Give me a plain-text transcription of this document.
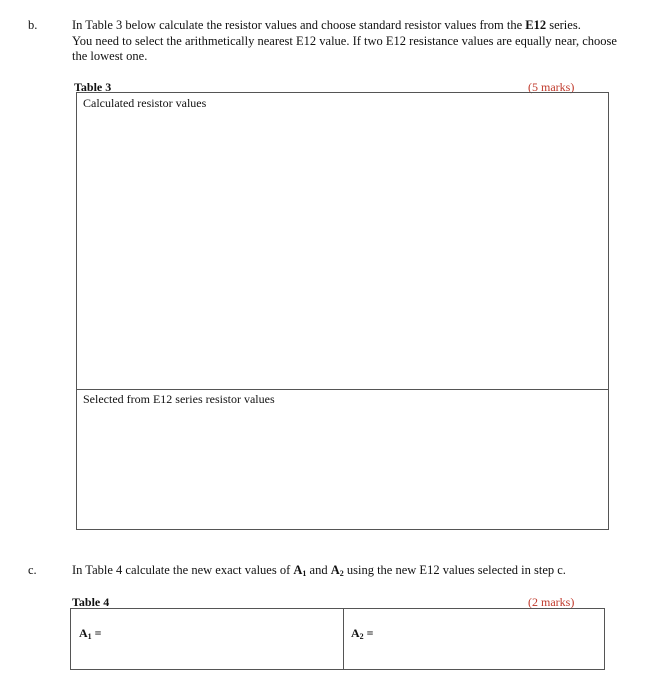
b.	In Table 3 below calculate the resistor values and choose standard resistor values from the E12 series.
You need to select the arithmetically nearest E12 value. If two E12 resistance values are equally near, choose
the lowest one.
Table 3	(5 marks)
Calculated resistor values
Selected from E12 series resistor values
c.	In Table 4 calculate the new exact values of $A_1$ and $A_2$ using the new E12 values selected in step c.
Table 4	(2 marks)
$A_1$ =	$A_2$ =
